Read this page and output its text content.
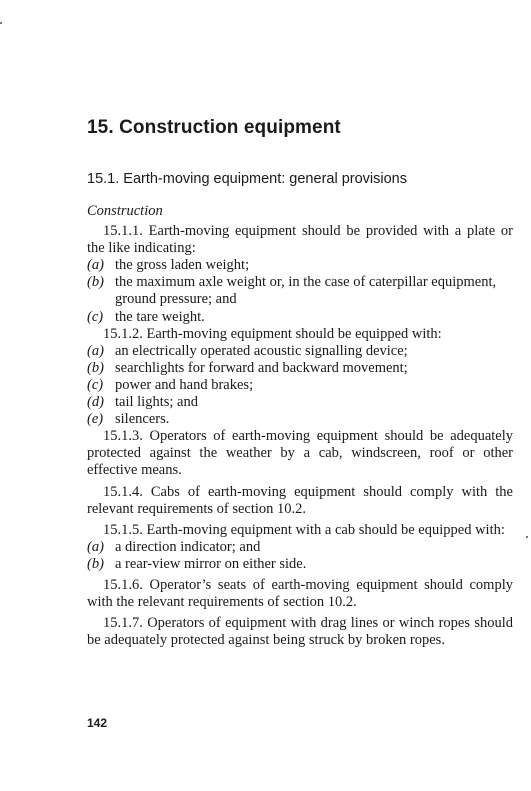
15. Construction equipment
15.1. Earth-moving equipment: general provisions

Construction

15.1.1. Earth-moving equipment should be provided with a plate or the like indicating:

(a) the gross laden weight;
(b) the maximum axle weight or, in the case of caterpillar equipment, ground pressure; and
(c) the tare weight.

15.1.2. Earth-moving equipment should be equipped with:

(a) an electrically operated acoustic signalling device;
(b) searchlights for forward and backward movement;
(c) power and hand brakes;
(d) tail lights; and
(e) silencers.

15.1.3. Operators of earth-moving equipment should be adequately protected against the weather by a cab, windscreen, roof or other effective means.

15.1.4. Cabs of earth-moving equipment should comply with the relevant requirements of section 10.2.

15.1.5. Earth-moving equipment with a cab should be equipped with:

(a) a direction indicator; and
(b) a rear-view mirror on either side.

15.1.6. Operator’s seats of earth-moving equipment should comply with the relevant requirements of section 10.2.

15.1.7. Operators of equipment with drag lines or winch ropes should be adequately protected against being struck by broken ropes.

142
